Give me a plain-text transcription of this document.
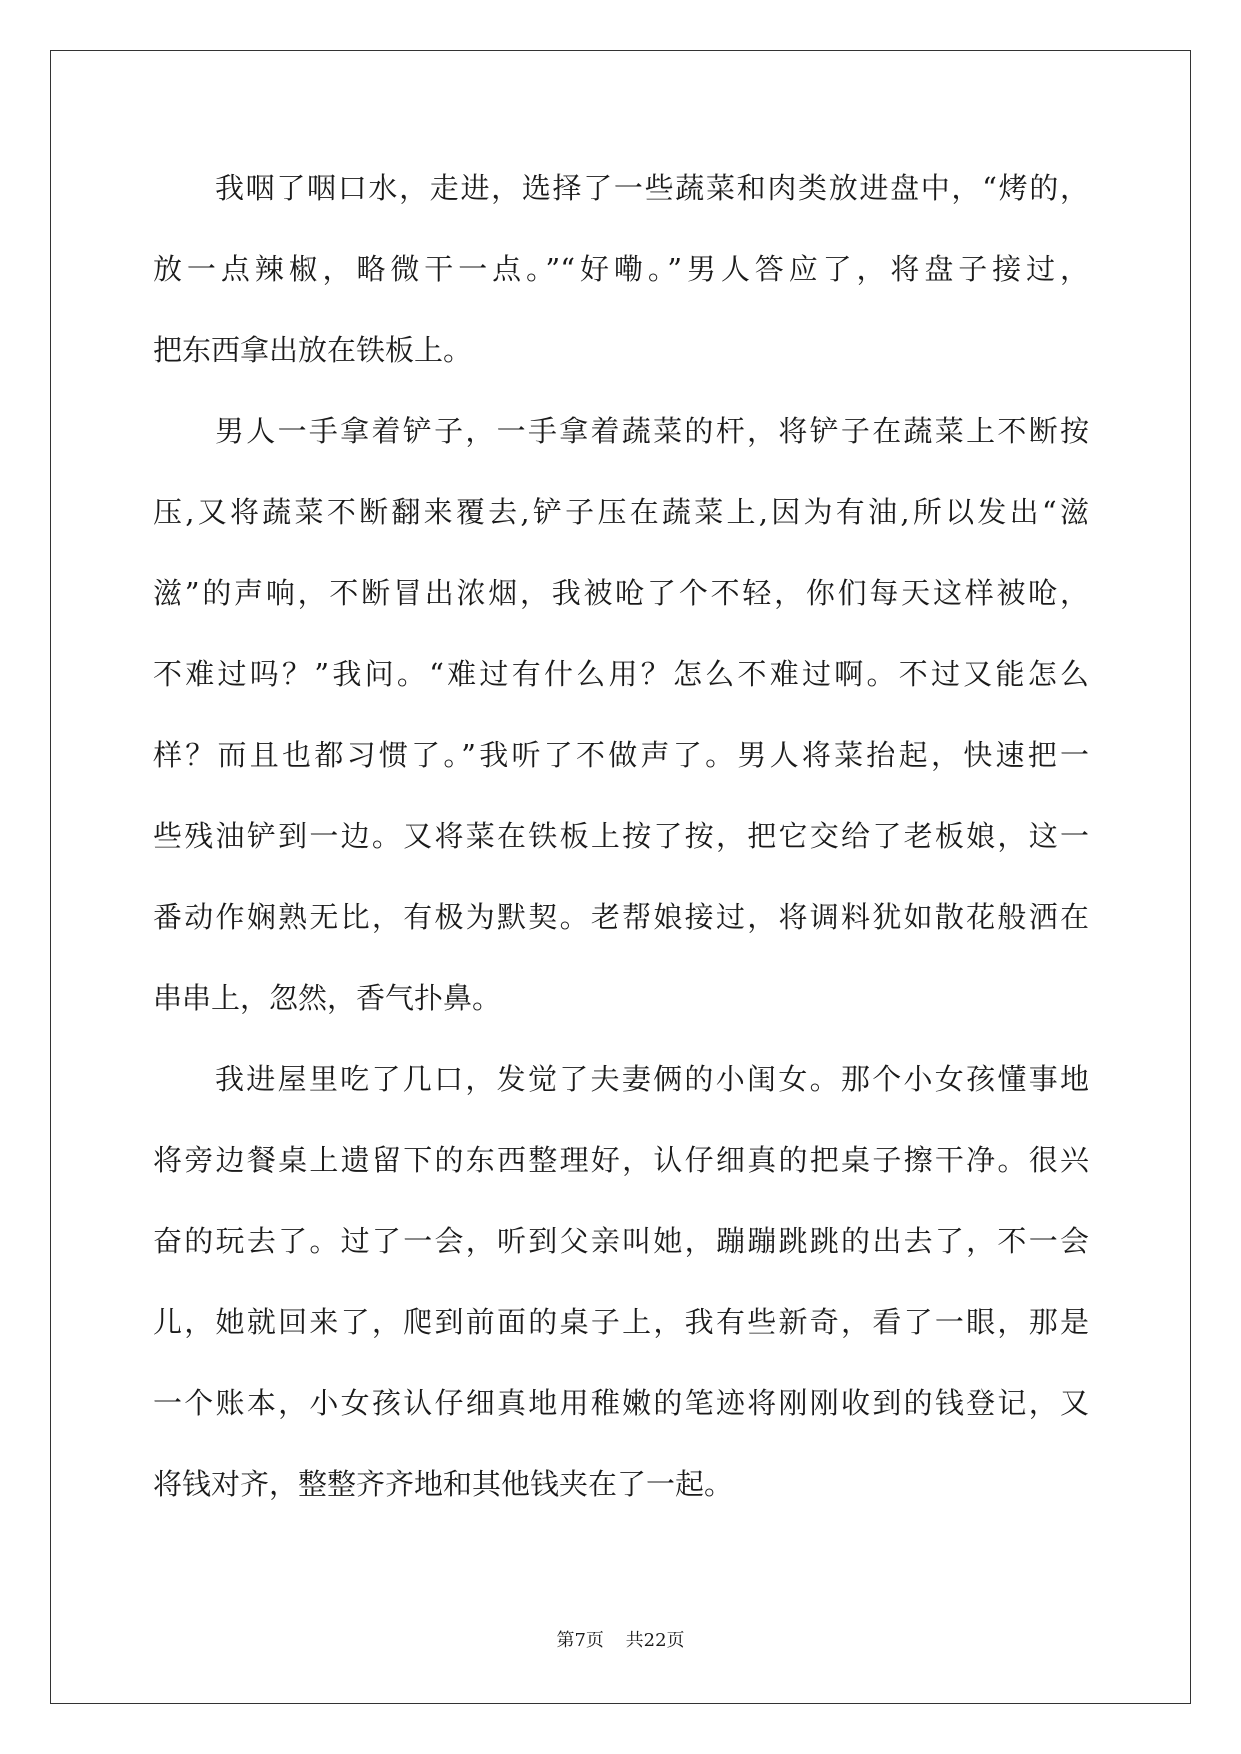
我咽了咽口水，走进，选择了一些蔬菜和肉类放进盘中，“烤的，
放一点辣椒，略微干一点。”“好嘞。”男人答应了，将盘子接过，
把东西拿出放在铁板上。
男人一手拿着铲子，一手拿着蔬菜的杆，将铲子在蔬菜上不断按
压,又将蔬菜不断翻来覆去,铲子压在蔬菜上,因为有油,所以发出“滋
滋”的声响，不断冒出浓烟，我被呛了个不轻，你们每天这样被呛，
不难过吗？”我问。“难过有什么用？怎么不难过啊。不过又能怎么
样？而且也都习惯了。”我听了不做声了。男人将菜抬起，快速把一
些残油铲到一边。又将菜在铁板上按了按，把它交给了老板娘，这一
番动作娴熟无比，有极为默契。老帮娘接过，将调料犹如散花般洒在
串串上，忽然，香气扑鼻。
我进屋里吃了几口，发觉了夫妻俩的小闺女。那个小女孩懂事地
将旁边餐桌上遗留下的东西整理好，认仔细真的把桌子擦干净。很兴
奋的玩去了。过了一会，听到父亲叫她，蹦蹦跳跳的出去了，不一会
儿，她就回来了，爬到前面的桌子上，我有些新奇，看了一眼，那是
一个账本，小女孩认仔细真地用稚嫩的笔迹将刚刚收到的钱登记，又
将钱对齐，整整齐齐地和其他钱夹在了一起。
第7页 共22页
